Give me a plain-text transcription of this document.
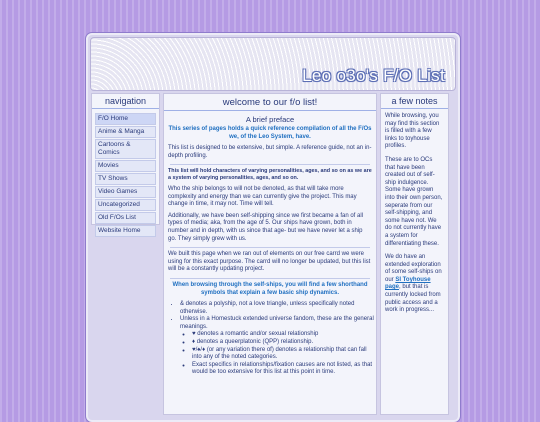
Leo o3o's F/O List
navigation
F/O Home
Anime & Manga
Cartoons & Comics
Movies
TV Shows
Video Games
Uncategorized
Old F/Os List
Website Home
welcome to our f/o list!
A brief preface

This series of pages holds a quick reference compilation of all the F/Os we, of the Leo System, have.

This list is designed to be extensive, but simple. A reference guide, not an in-depth profiling.

This list will hold characters of varying personalities, ages, and so on as we are a system of varying personalities, ages, and so on.

Who the ship belongs to will not be denoted, as that will take more complexity and energy than we can currently give the project. This may change in time, it may not. Time will tell.

Additionally, we have been self-shipping since we first became a fan of all types of media; aka, from the age of 5. Our ships have grown, both in number and in depth, with us since that age- but we have never let a ship go. They simply grew with us.

We built this page when we ran out of elements on our free carrd we were using for this exact purpose. The carrd will no longer be updated, but this list will be a constantly updating project.

When browsing through the self-ships, you will find a few shorthand symbols that explain a few basic ship dynamics.

• & denotes a polyship, not a love triangle, unless specifically noted otherwise.
• Unless in a Homestuck extended universe fandom, these are the general meanings.
◦ ♥ denotes a romantic and/or sexual relationship
◦ ♦ denotes a queerplatonic (QPP) relationship.
◦ ♥/♠/♦ (or any variation there of) denotes a relationship that can fall into any of the noted categories.
◦ Exact specifics in relationships/fixation causes are not listed, as that would be too extensive for this list at this point in time.
a few notes

While browsing, you may find this section is filled with a few links to toyhouse profiles.

These are to OCs that have been created out of self-ship indulgence. Some have grown into their own person, seperate from our self-shipping, and some have not. We do not currently have a system for differentiating these.

We do have an extended exploration of some self-ships on our SI Toyhouse page, but that is currently locked from public access and a work in progress...
